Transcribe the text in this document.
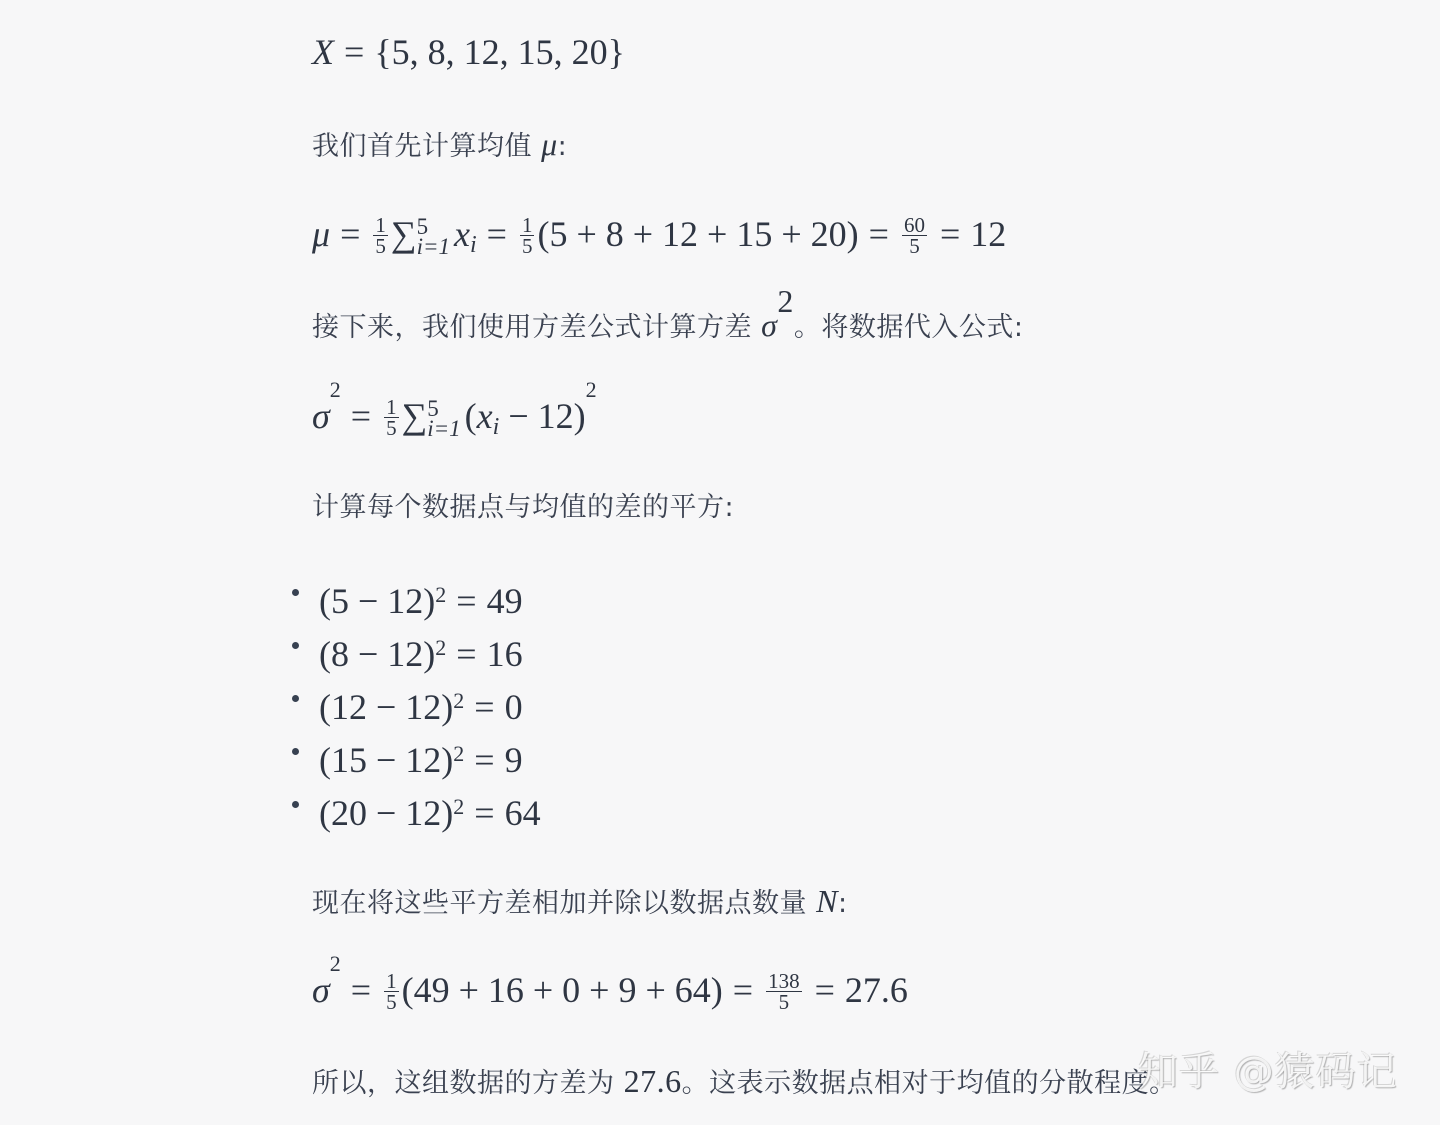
X = {5, 8, 12, 15, 20}
我们首先计算均值 μ:
$\mu = \frac{1}{5}$ ∑ 5
i=1 $x_i = \frac{1}{5} (5 + 8 + 12 + 15 + 20) = \frac{60}{5} = 12$
接下来，我们使用方差公式计算方差 $\sigma^2$。将数据代入公式:
$\sigma^2= \frac{1}{5}$ ∑ 5
i=1 $(x_i - 12)^2$
计算每个数据点与均值的差的平方:
$(5 - 12)^2 = 49$
$(8 - 12)^2 = 16$
$(12 - 12)^2 = 0$
$(15 - 12)^2 = 9$
$(20 - 12)^2 = 64$
现在将这些平方差相加并除以数据点数量 N:
$\sigma^2= \frac{1}{5} (49 + 16 + 0 + 9 + 64) = \frac{138}{5} = 27.6$
所以，这组数据的方差为 27.6。这表示数据点相对于均值的分散程度。
知乎 @猿码记
